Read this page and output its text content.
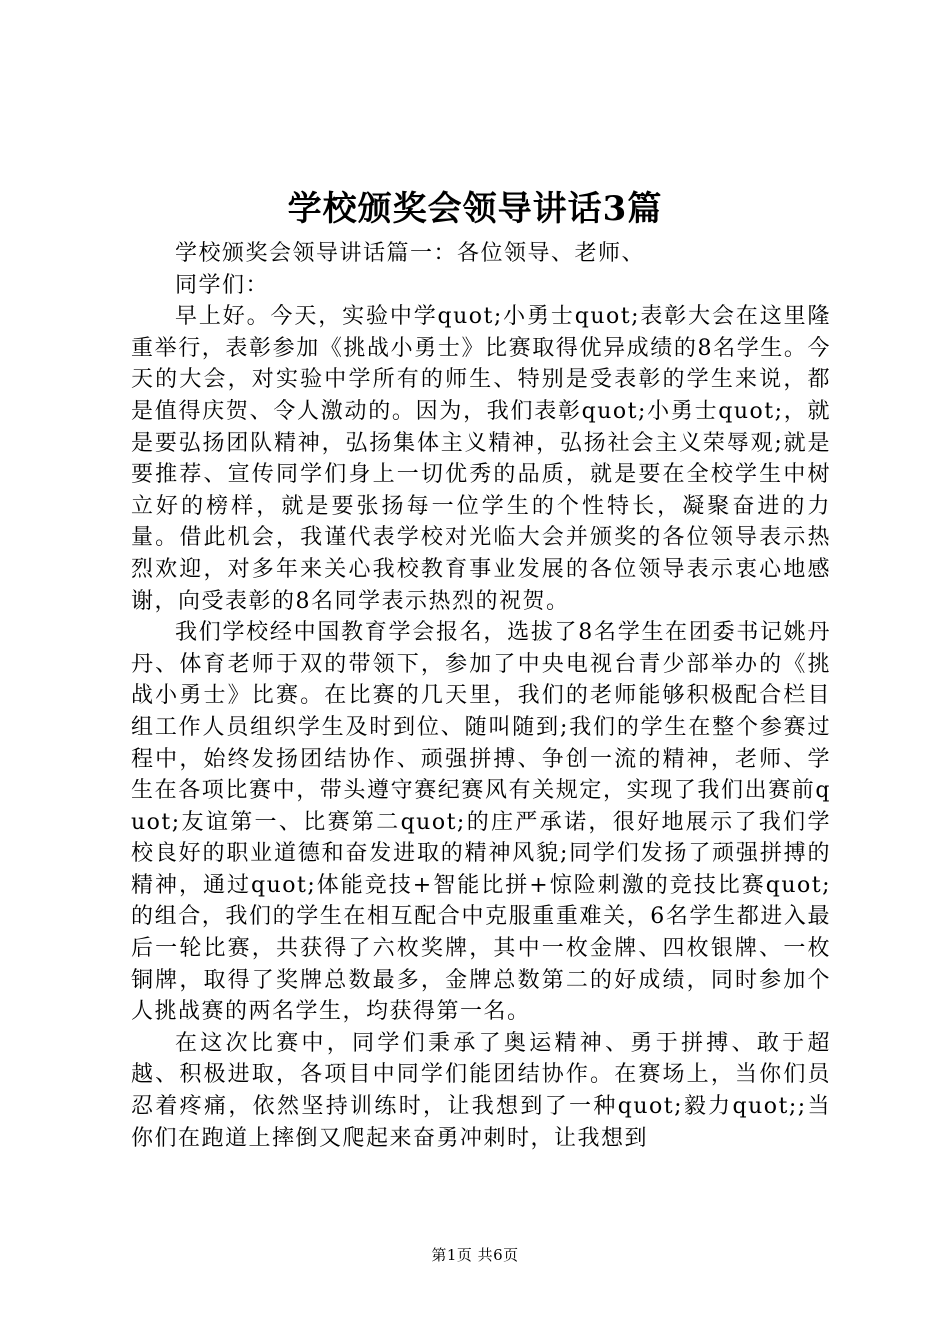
学校颁奖会领导讲话3篇

学校颁奖会领导讲话篇一：各位领导、老师、

同学们：

早上好。今天，实验中学quot;小勇士quot;表彰大会在这里隆重举行，表彰参加《挑战小勇士》比赛取得优异成绩的8名学生。今天的大会，对实验中学所有的师生、特别是受表彰的学生来说，都是值得庆贺、令人激动的。因为，我们表彰quot;小勇士quot;，就是要弘扬团队精神，弘扬集体主义精神，弘扬社会主义荣辱观;就是要推荐、宣传同学们身上一切优秀的品质，就是要在全校学生中树立好的榜样，就是要张扬每一位学生的个性特长，凝聚奋进的力量。借此机会，我谨代表学校对光临大会并颁奖的各位领导表示热烈欢迎，对多年来关心我校教育事业发展的各位领导表示衷心地感谢，向受表彰的8名同学表示热烈的祝贺。

我们学校经中国教育学会报名，选拔了8名学生在团委书记姚丹丹、体育老师于双的带领下，参加了中央电视台青少部举办的《挑战小勇士》比赛。在比赛的几天里，我们的老师能够积极配合栏目组工作人员组织学生及时到位、随叫随到;我们的学生在整个参赛过程中，始终发扬团结协作、顽强拼搏、争创一流的精神，老师、学生在各项比赛中，带头遵守赛纪赛风有关规定，实现了我们出赛前quot;友谊第一、比赛第二quot;的庄严承诺，很好地展示了我们学校良好的职业道德和奋发进取的精神风貌;同学们发扬了顽强拼搏的精神，通过quot;体能竞技+智能比拼+惊险刺激的竞技比赛quot;的组合，我们的学生在相互配合中克服重重难关，6名学生都进入最后一轮比赛，共获得了六枚奖牌，其中一枚金牌、四枚银牌、一枚铜牌，取得了奖牌总数最多，金牌总数第二的好成绩，同时参加个人挑战赛的两名学生，均获得第一名。

在这次比赛中，同学们秉承了奥运精神、勇于拼搏、敢于超越、积极进取，各项目中同学们能团结协作。在赛场上，当你们员忍着疼痛，依然坚持训练时，让我想到了一种quot;毅力quot;;当你们在跑道上摔倒又爬起来奋勇冲刺时，让我想到

第1页 共6页
